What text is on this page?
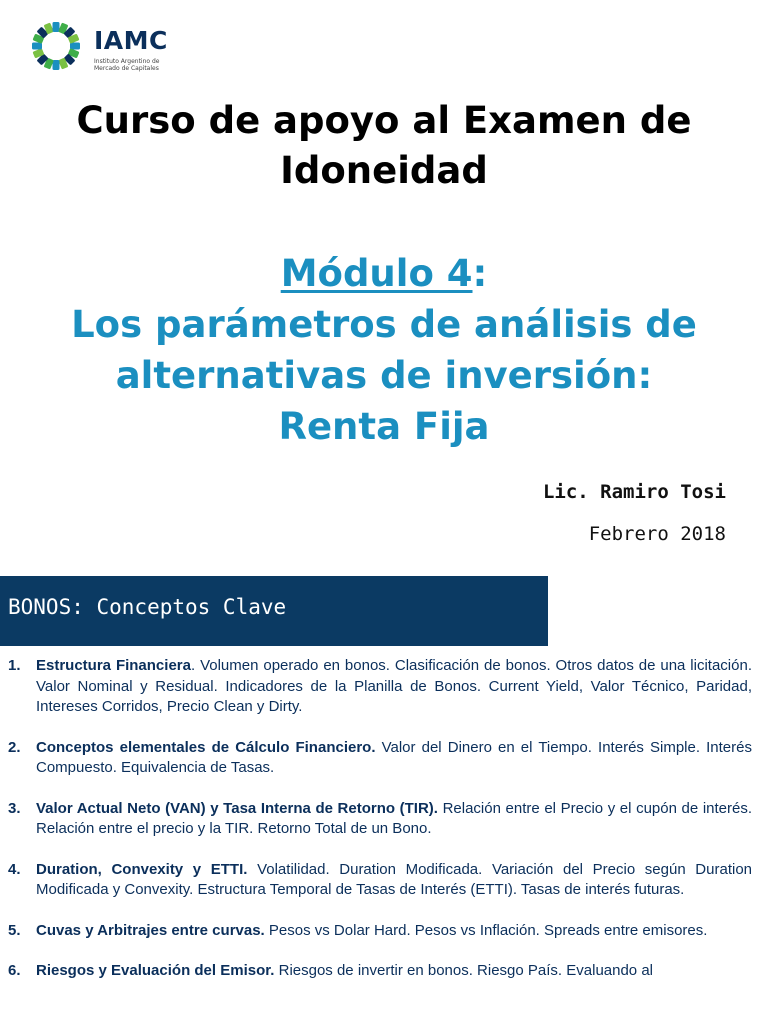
IAMC
Instituto Argentino de
Mercado de Capitales
Curso de apoyo al Examen de
Idoneidad
Módulo 4:
Los parámetros de análisis de
alternativas de inversión:
Renta Fija
Lic. Ramiro Tosi
Febrero 2018
BONOS: Conceptos Clave
1. Estructura Financiera. Volumen operado en bonos. Clasificación de bonos. Otros datos de una licitación. Valor Nominal y Residual. Indicadores de la Planilla de Bonos. Current Yield, Valor Técnico, Paridad, Intereses Corridos, Precio Clean y Dirty.
2. Conceptos elementales de Cálculo Financiero. Valor del Dinero en el Tiempo. Interés Simple. Interés Compuesto. Equivalencia de Tasas.
3. Valor Actual Neto (VAN) y Tasa Interna de Retorno (TIR). Relación entre el Precio y el cupón de interés. Relación entre el precio y la TIR. Retorno Total de un Bono.
4. Duration, Convexity y ETTI. Volatilidad. Duration Modificada. Variación del Precio según Duration Modificada y Convexity. Estructura Temporal de Tasas de Interés (ETTI). Tasas de interés futuras.
5. Cuvas y Arbitrajes entre curvas. Pesos vs Dolar Hard. Pesos vs Inflación. Spreads entre emisores.
6. Riesgos y Evaluación del Emisor. Riesgos de invertir en bonos. Riesgo País. Evaluando al
